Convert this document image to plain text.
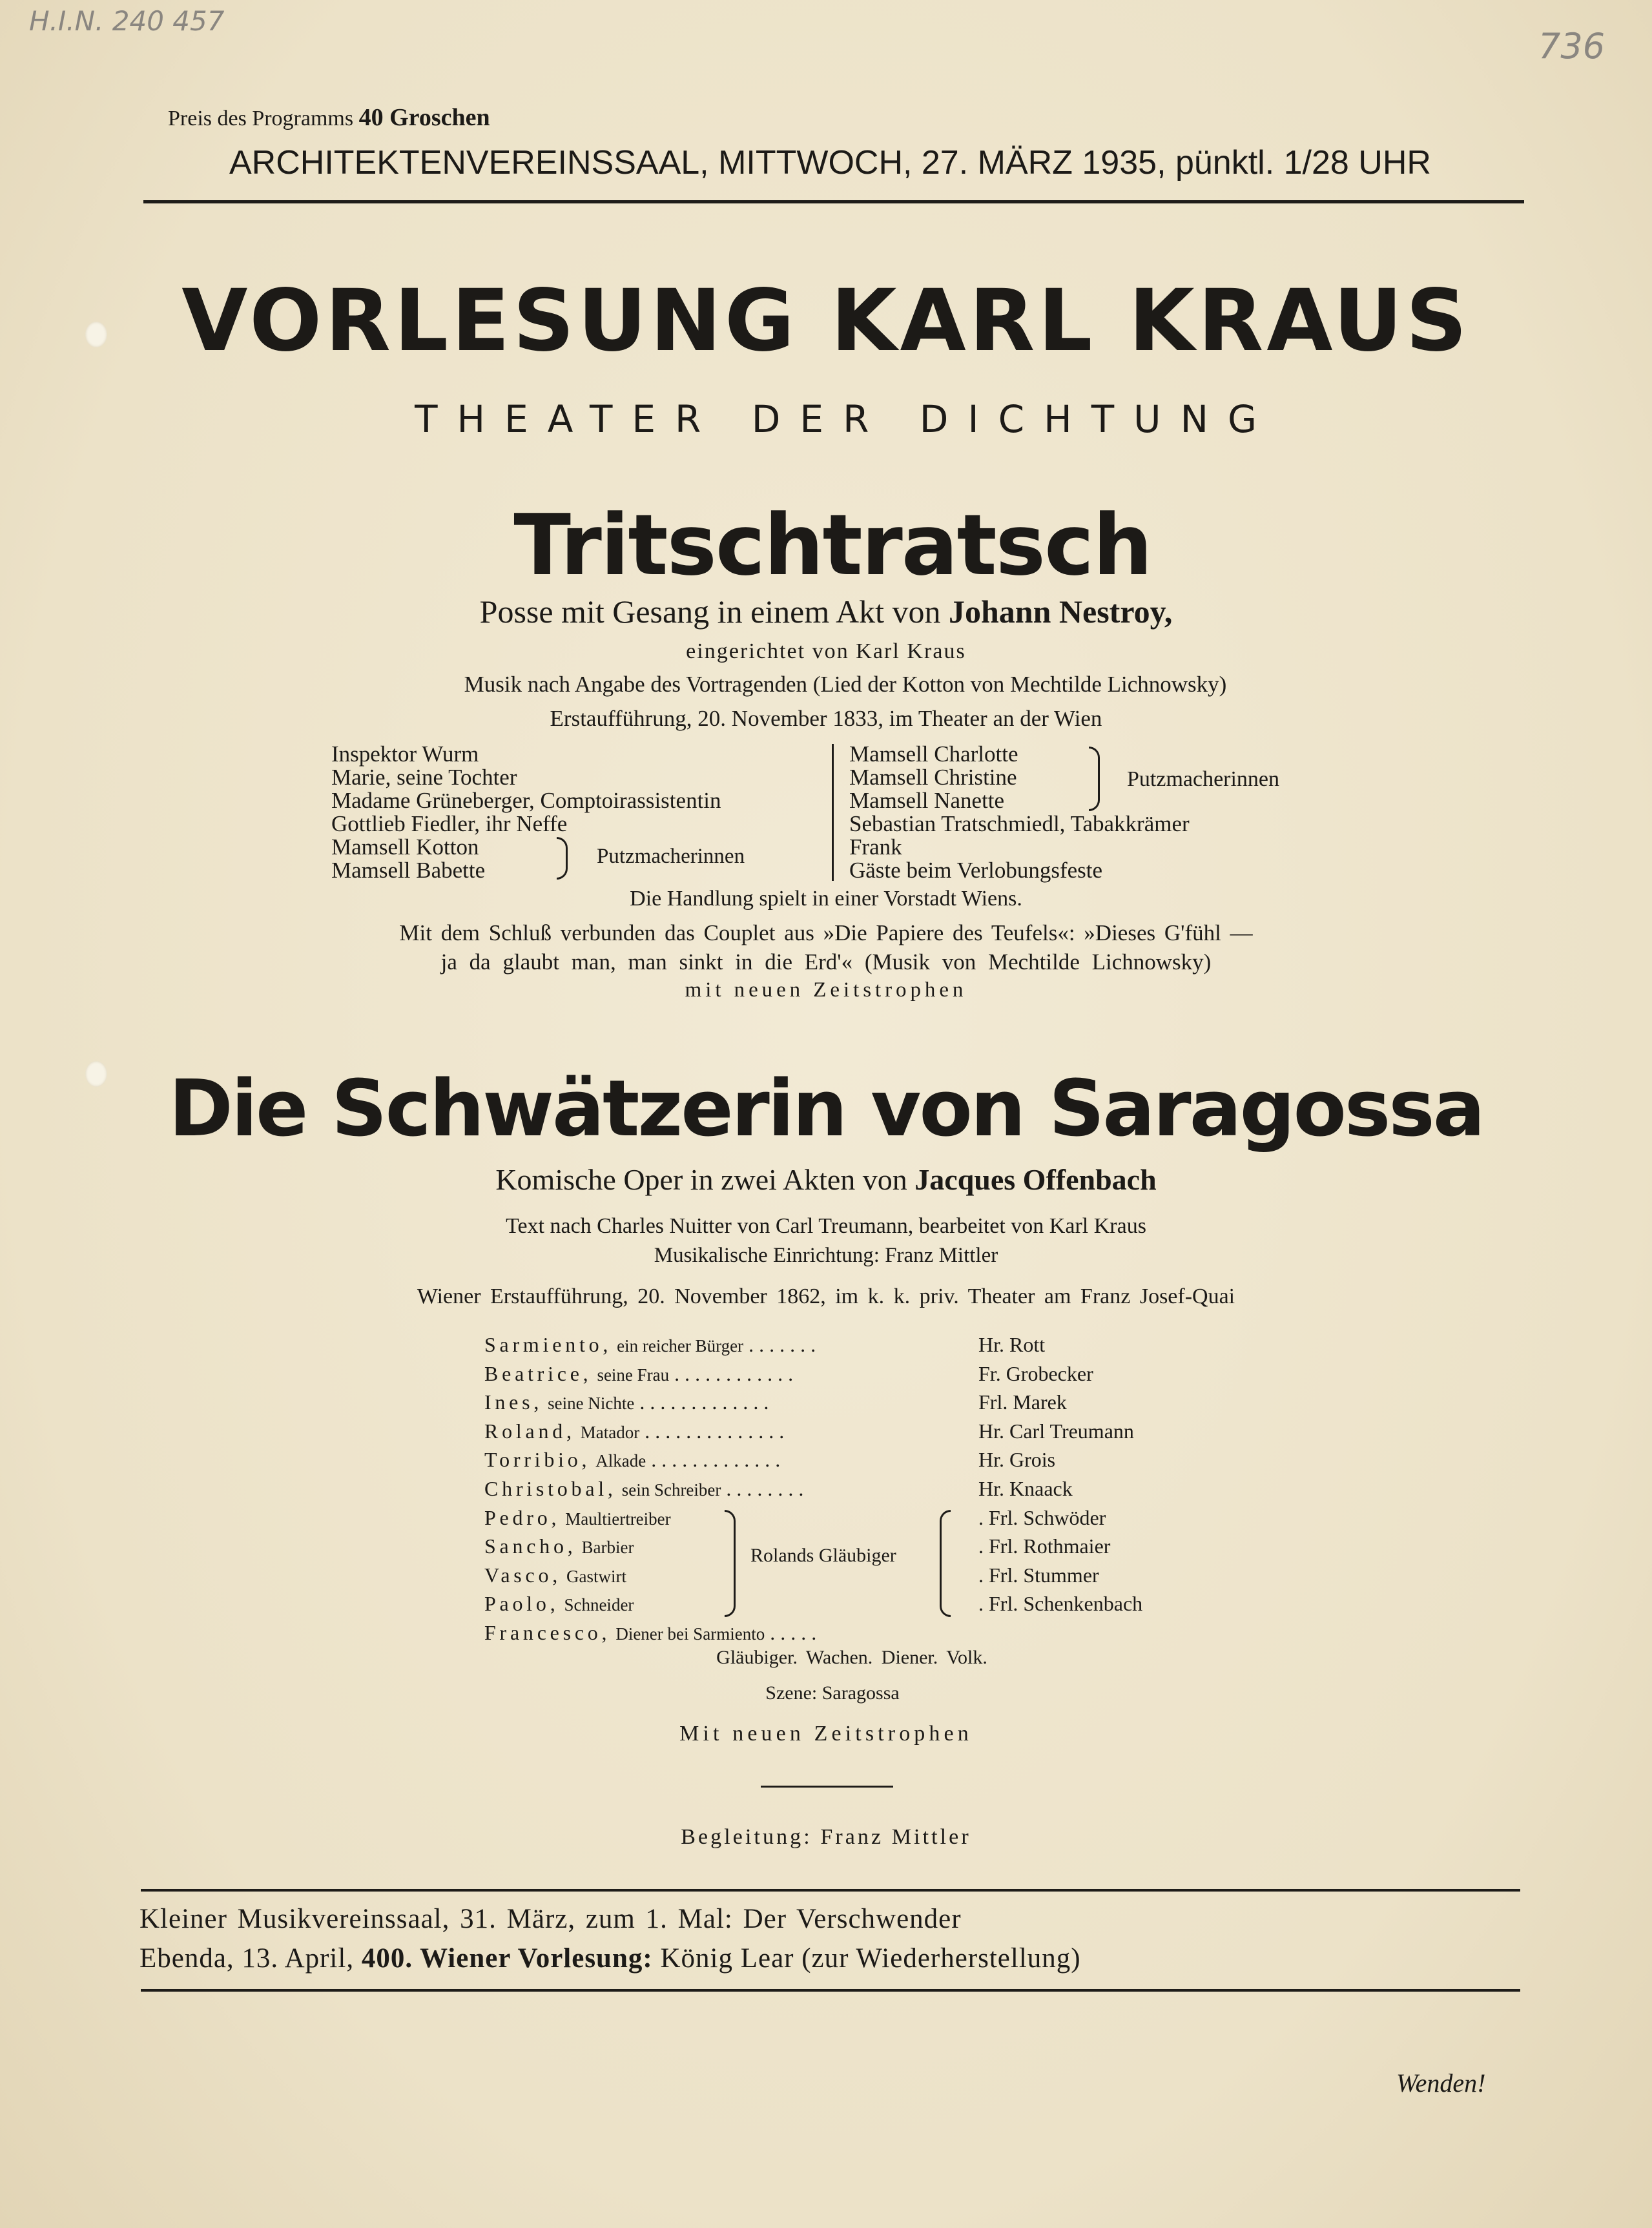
H.I.N. 240 457
736
Preis des Programms 40 Groschen
ARCHITEKTENVEREINSSAAL, MITTWOCH, 27. MÄRZ 1935, pünktl. 1/28 UHR
VORLESUNG KARL KRAUS
THEATER DER DICHTUNG
Tritschtratsch
Posse mit Gesang in einem Akt von Johann Nestroy,
eingerichtet von Karl Kraus
Musik nach Angabe des Vortragenden (Lied der Kotton von Mechtilde Lichnowsky)
Erstaufführung, 20. November 1833, im Theater an der Wien
Inspektor Wurm
Marie, seine Tochter
Madame Grüneberger, Comptoirassistentin
Gottlieb Fiedler, ihr Neffe
Mamsell Kotton
Mamsell Babette
Putzmacherinnen
Mamsell Charlotte
Mamsell Christine
Mamsell Nanette
Sebastian Tratschmiedl, Tabakkrämer
Frank
Gäste beim Verlobungsfeste
Putzmacherinnen
Die Handlung spielt in einer Vorstadt Wiens.
Mit dem Schluß verbunden das Couplet aus »Die Papiere des Teufels«: »Dieses G'fühl —
ja da glaubt man, man sinkt in die Erd'« (Musik von Mechtilde Lichnowsky)
mit neuen Zeitstrophen
Die Schwätzerin von Saragossa
Komische Oper in zwei Akten von Jacques Offenbach
Text nach Charles Nuitter von Carl Treumann, bearbeitet von Karl Kraus
Musikalische Einrichtung: Franz Mittler
Wiener Erstaufführung, 20. November 1862, im k. k. priv. Theater am Franz Josef-Quai
Sarmiento, ein reicher Bürger . . . . . . .
Beatrice, seine Frau . . . . . . . . . . . .
Ines, seine Nichte . . . . . . . . . . . . .
Roland, Matador . . . . . . . . . . . . . .
Torribio, Alkade . . . . . . . . . . . . .
Christobal, sein Schreiber . . . . . . . .
Pedro, Maultiertreiber
Sancho, Barbier
Vasco, Gastwirt
Paolo, Schneider
Francesco, Diener bei Sarmiento . . . . .
Hr. Rott
Fr. Grobecker
Frl. Marek
Hr. Carl Treumann
Hr. Grois
Hr. Knaack
. Frl. Schwöder
. Frl. Rothmaier
. Frl. Stummer
. Frl. Schenkenbach
Rolands Gläubiger
Gläubiger. Wachen. Diener. Volk.
Szene: Saragossa
Mit neuen Zeitstrophen
Begleitung: Franz Mittler
Kleiner Musikvereinssaal, 31. März, zum 1. Mal: Der Verschwender
Ebenda, 13. April, 400. Wiener Vorlesung: König Lear (zur Wiederherstellung)
Wenden!
